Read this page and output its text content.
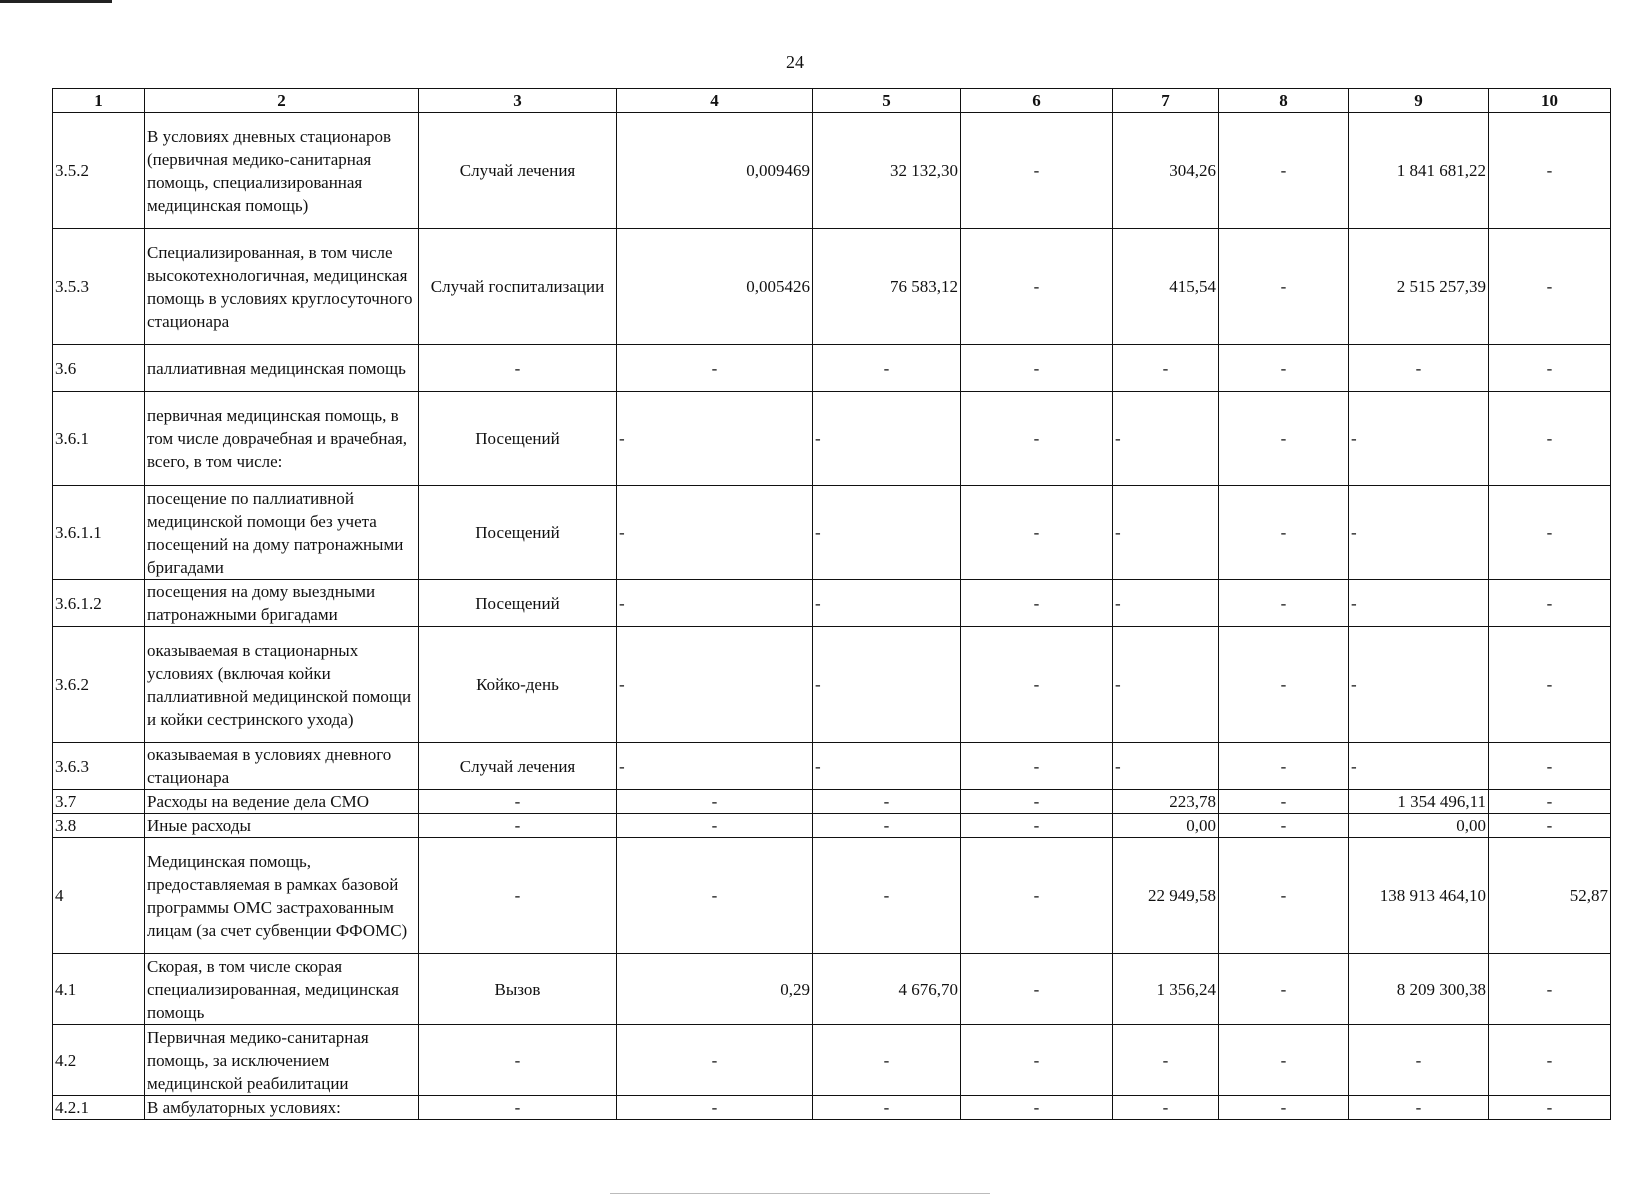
24
1	2	3	4	5	6	7	8	9	10
3.5.2	В условиях дневных стационаров (первичная медико-санитарная помощь, специализированная медицинская помощь)	Случай лечения	0,009469	32 132,30	-	304,26	-	1 841 681,22	-
3.5.3	Специализированная, в том числе высокотехнологичная, медицинская помощь в условиях круглосуточного стационара	Случай госпитализации	0,005426	76 583,12	-	415,54	-	2 515 257,39	-
3.6	паллиативная медицинская помощь	-	-	-	-	-	-	-	-
3.6.1	первичная медицинская помощь, в том числе доврачебная и врачебная, всего, в том числе:	Посещений	-	-	-	-	-	-	-
3.6.1.1	посещение по паллиативной медицинской помощи без учета посещений на дому патронажными бригадами	Посещений	-	-	-	-	-	-	-
3.6.1.2	посещения на дому выездными патронажными бригадами	Посещений	-	-	-	-	-	-	-
3.6.2	оказываемая в стационарных условиях (включая койки паллиативной медицинской помощи и койки сестринского ухода)	Койко-день	-	-	-	-	-	-	-
3.6.3	оказываемая в условиях дневного стационара	Случай лечения	-	-	-	-	-	-	-
3.7	Расходы на ведение дела СМО	-	-	-	-	223,78	-	1 354 496,11	-
3.8	Иные расходы	-	-	-	-	0,00	-	0,00	-
4	Медицинская помощь, предоставляемая в рамках базовой программы ОМС застрахованным лицам (за счет субвенции ФФОМС)	-	-	-	-	22 949,58	-	138 913 464,10	52,87
4.1	Скорая, в том числе скорая специализированная, медицинская помощь	Вызов	0,29	4 676,70	-	1 356,24	-	8 209 300,38	-
4.2	Первичная медико-санитарная помощь, за исключением медицинской реабилитации	-	-	-	-	-	-	-	-
4.2.1	В амбулаторных условиях:	-	-	-	-	-	-	-	-
